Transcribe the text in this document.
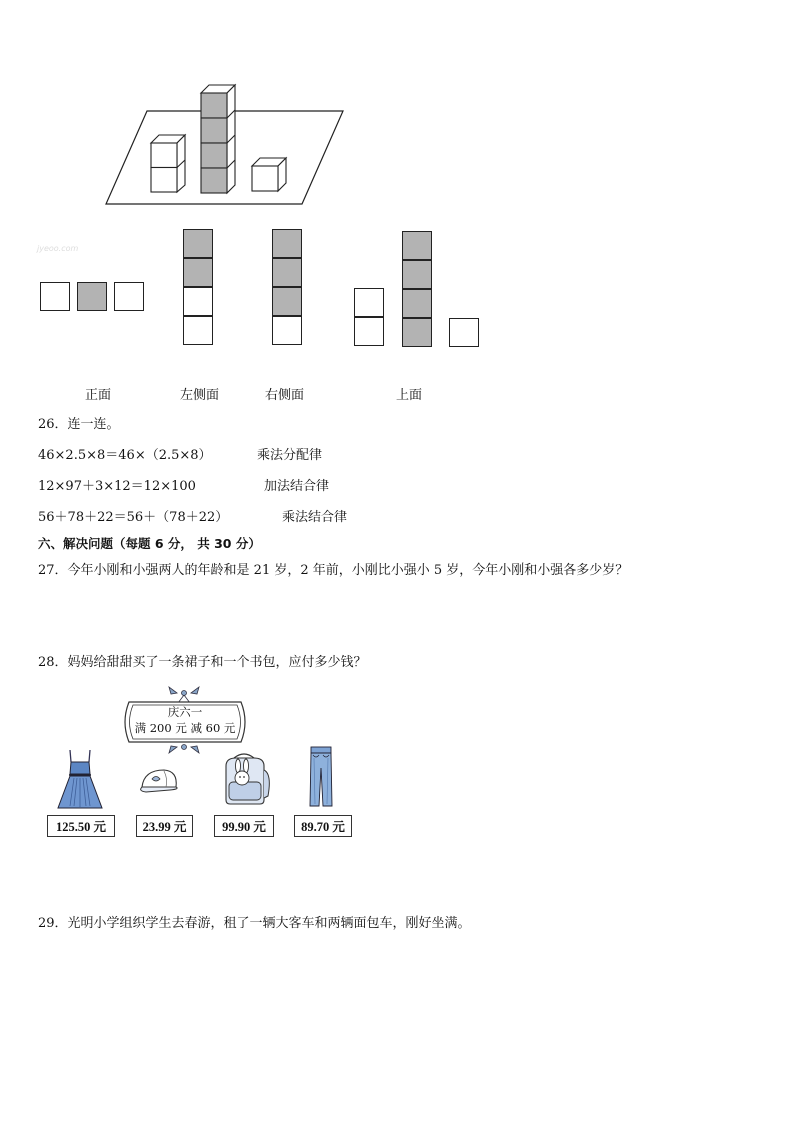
jyeoo.com
正面	左侧面	右侧面	上面
26．连一连。
46×2.5×8＝46×（2.5×8）	乘法分配律
12×97＋3×12＝12×100	加法结合律
56＋78＋22＝56＋（78＋22）	乘法结合律
六、解决问题（每题 6 分， 共 30 分）
27．今年小刚和小强两人的年龄和是 21 岁，2 年前，小刚比小强小 5 岁，今年小刚和小强各多少岁？
28．妈妈给甜甜买了一条裙子和一个书包，应付多少钱？
庆六一
满 200 元 减 60 元
125.50 元	23.99 元	99.90 元	89.70 元
29．光明小学组织学生去春游，租了一辆大客车和两辆面包车，刚好坐满。
